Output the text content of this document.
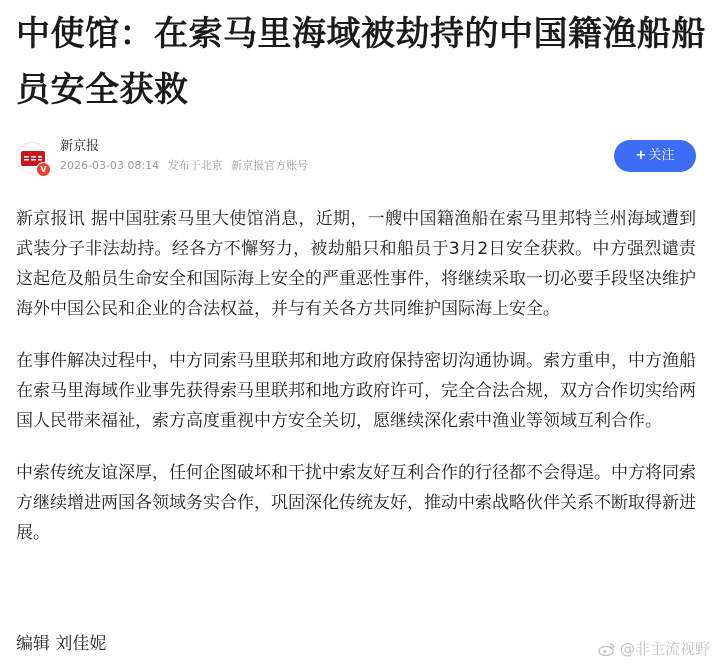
中使馆：在索马里海域被劫持的中国籍渔船船员安全获救
V
新京报
2026-03-03 08:14 发布于北京 新京报官方账号
+ 关注

新京报讯 据中国驻索马里大使馆消息，近期，一艘中国籍渔船在索马里邦特兰州海域遭到武装分子非法劫持。经各方不懈努力，被劫船只和船员于3月2日安全获救。中方强烈谴责这起危及船员生命安全和国际海上安全的严重恶性事件，将继续采取一切必要手段坚决维护海外中国公民和企业的合法权益，并与有关各方共同维护国际海上安全。

在事件解决过程中，中方同索马里联邦和地方政府保持密切沟通协调。索方重申，中方渔船在索马里海域作业事先获得索马里联邦和地方政府许可，完全合法合规，双方合作切实给两国人民带来福祉，索方高度重视中方安全关切，愿继续深化索中渔业等领域互利合作。

中索传统友谊深厚，任何企图破坏和干扰中索友好互利合作的行径都不会得逞。中方将同索方继续增进两国各领域务实合作，巩固深化传统友好，推动中索战略伙伴关系不断取得新进展。

编辑 刘佳妮	@非主流视野
